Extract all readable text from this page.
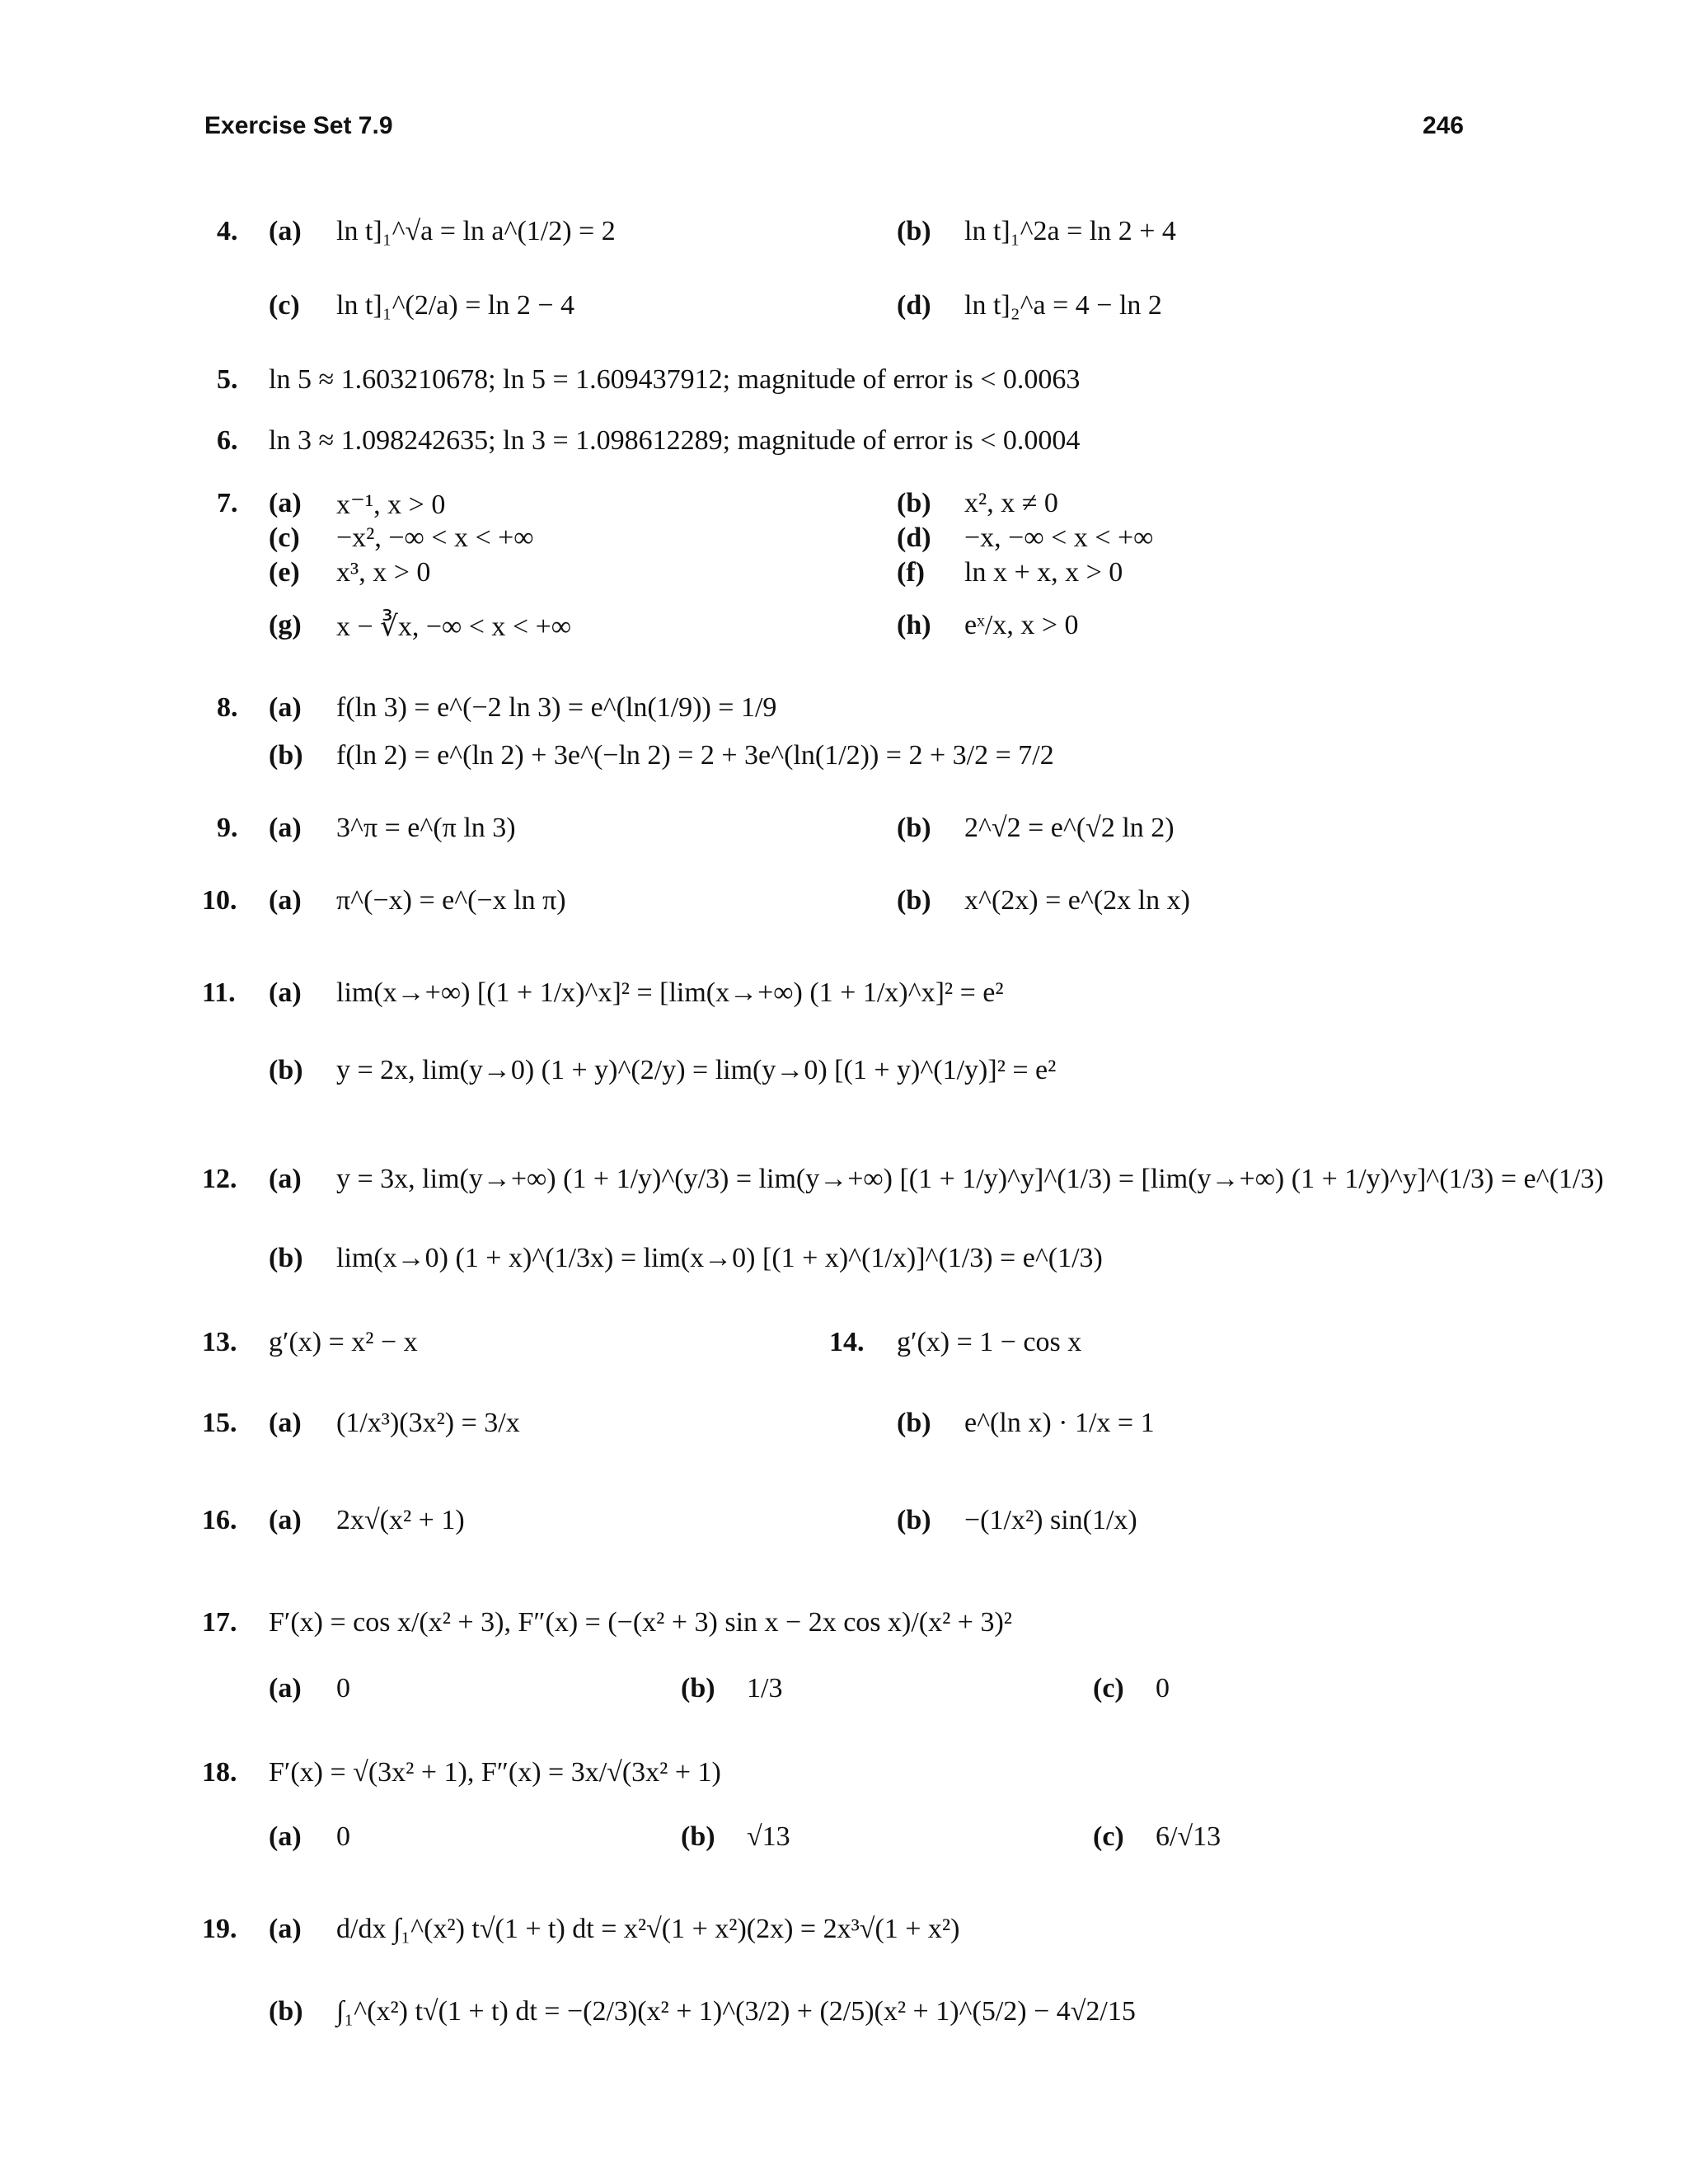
Exercise Set 7.9	246
4. (a) ln t]₁^√a = ln a^(1/2) = 2	(b) ln t]₁^2a = ln 2 + 4
(c) ln t]₁^(2/a) = ln 2 − 4	(d) ln t]₂^a = 4 − ln 2
5. ln 5 ≈ 1.603210678; ln 5 = 1.609437912; magnitude of error is < 0.0063
6. ln 3 ≈ 1.098242635; ln 3 = 1.098612289; magnitude of error is < 0.0004
7. (a) x⁻¹, x > 0	(b) x², x ≠ 0
(c) −x², −∞ < x < +∞	(d) −x, −∞ < x < +∞
(e) x³, x > 0	(f) ln x + x, x > 0
(g) x − ∛x, −∞ < x < +∞	(h) eˣ/x, x > 0
8. (a) f(ln 3) = e^(−2 ln 3) = e^(ln(1/9)) = 1/9
(b) f(ln 2) = e^(ln 2) + 3e^(−ln 2) = 2 + 3e^(ln(1/2)) = 2 + 3/2 = 7/2
9. (a) 3^π = e^(π ln 3)	(b) 2^√2 = e^(√2 ln 2)
10. (a) π^(−x) = e^(−x ln π)	(b) x^(2x) = e^(2x ln x)
11. (a) lim(x→+∞) [(1 + 1/x)^x]² = [lim(x→+∞) (1 + 1/x)^x]² = e²
(b) y = 2x, lim(y→0) (1 + y)^(2/y) = lim(y→0) [(1 + y)^(1/y)]² = e²
12. (a) y = 3x, lim(y→+∞) (1 + 1/y)^(y/3) = lim(y→+∞) [(1 + 1/y)^y]^(1/3) = [lim(y→+∞) (1 + 1/y)^y]^(1/3) = e^(1/3)
(b) lim(x→0) (1 + x)^(1/3x) = lim(x→0) [(1 + x)^(1/x)]^(1/3) = e^(1/3)
13. g′(x) = x² − x	14. g′(x) = 1 − cos x
15. (a) (1/x³)(3x²) = 3/x	(b) e^(ln x) · 1/x = 1
16. (a) 2x√(x² + 1)	(b) −(1/x²) sin(1/x)
17. F′(x) = cos x/(x² + 3), F″(x) = (−(x² + 3) sin x − 2x cos x)/(x² + 3)²
(a) 0	(b) 1/3	(c) 0
18. F′(x) = √(3x² + 1), F″(x) = 3x/√(3x² + 1)
(a) 0	(b) √13	(c) 6/√13
19. (a) d/dx ∫₁^(x²) t√(1 + t) dt = x²√(1 + x²)(2x) = 2x³√(1 + x²)
(b) ∫₁^(x²) t√(1 + t) dt = −(2/3)(x² + 1)^(3/2) + (2/5)(x² + 1)^(5/2) − 4√2/15
